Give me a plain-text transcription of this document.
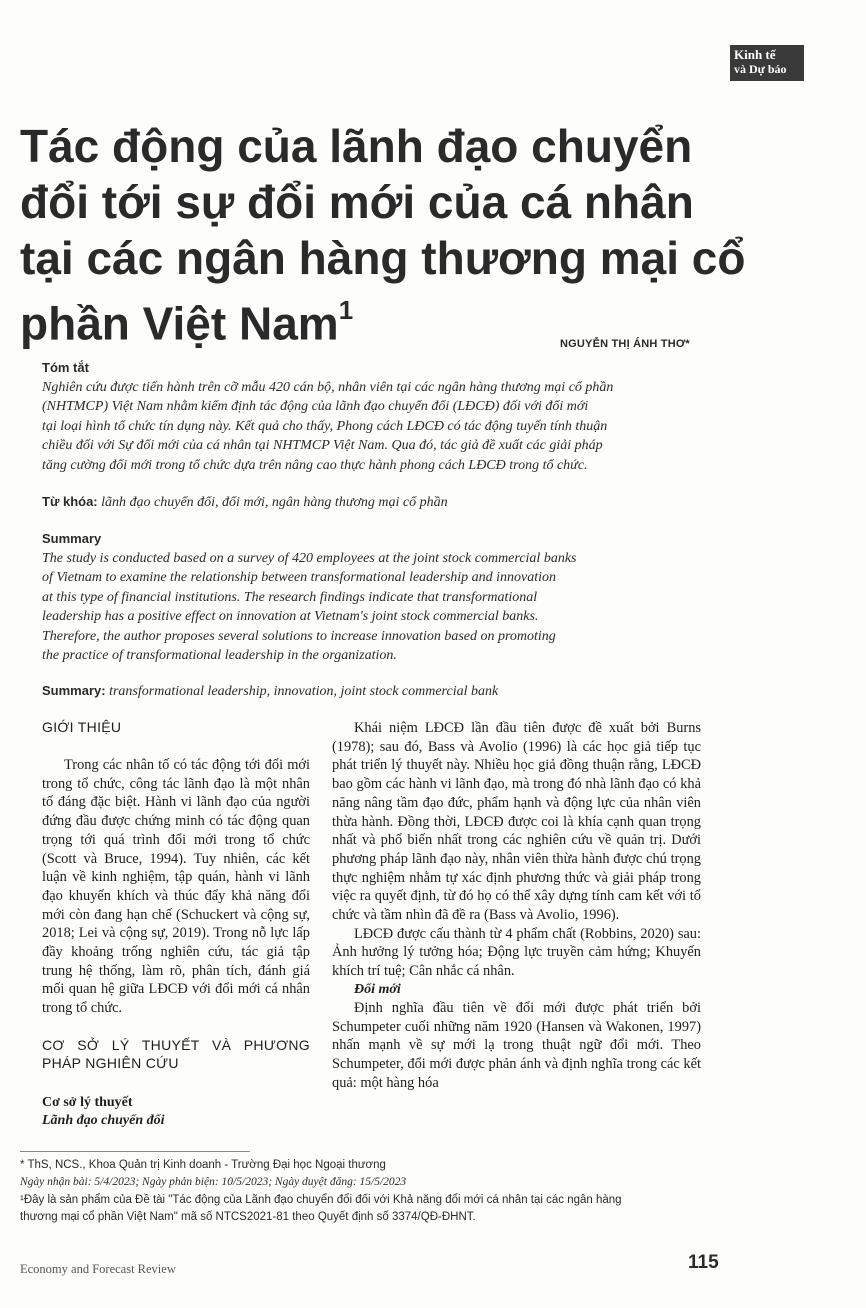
Kinh tế
và Dự báo
Tác động của lãnh đạo chuyển đổi tới sự đổi mới của cá nhân tại các ngân hàng thương mại cổ phần Việt Nam$^1$
NGUYỄN THỊ ÁNH THƠ*
Tóm tắt
Nghiên cứu được tiến hành trên cỡ mẫu 420 cán bộ, nhân viên tại các ngân hàng thương mại cổ phần
(NHTMCP) Việt Nam nhằm kiểm định tác động của lãnh đạo chuyển đổi (LĐCĐ) đối với đổi mới
tại loại hình tổ chức tín dụng này. Kết quả cho thấy, Phong cách LĐCĐ có tác động tuyến tính thuận
chiều đối với Sự đổi mới của cá nhân tại NHTMCP Việt Nam. Qua đó, tác giả đề xuất các giải pháp
tăng cường đổi mới trong tổ chức dựa trên nâng cao thực hành phong cách LĐCĐ trong tổ chức.
Từ khóa: lãnh đạo chuyển đổi, đổi mới, ngân hàng thương mại cổ phần
Summary
The study is conducted based on a survey of 420 employees at the joint stock commercial banks
of Vietnam to examine the relationship between transformational leadership and innovation
at this type of financial institutions. The research findings indicate that transformational
leadership has a positive effect on innovation at Vietnam's joint stock commercial banks.
Therefore, the author proposes several solutions to increase innovation based on promoting
the practice of transformational leadership in the organization.
Summary: transformational leadership, innovation, joint stock commercial bank
GIỚI THIỆU

Trong các nhân tố có tác động tới đổi mới trong tổ chức, công tác lãnh đạo là một nhân tố đáng đặc biệt. Hành vi lãnh đạo của người đứng đầu được chứng minh có tác động quan trọng tới quá trình đổi mới trong tổ chức (Scott và Bruce, 1994). Tuy nhiên, các kết luận về kinh nghiệm, tập quán, hành vi lãnh đạo khuyến khích và thúc đẩy khả năng đổi mới còn đang hạn chế (Schuckert và cộng sự, 2018; Lei và cộng sự, 2019). Trong nỗ lực lấp đầy khoảng trống nghiên cứu, tác giả tập trung hệ thống, làm rõ, phân tích, đánh giá mối quan hệ giữa LĐCĐ với đổi mới cá nhân trong tổ chức.

CƠ SỞ LÝ THUYẾT VÀ PHƯƠNG PHÁP NGHIÊN CỨU
Cơ sở lý thuyết
Lãnh đạo chuyển đổi

Khái niệm LĐCĐ lần đầu tiên được đề xuất bởi Burns (1978); sau đó, Bass và Avolio (1996) là các học giả tiếp tục phát triển lý thuyết này. Nhiều học giả đồng thuận rằng, LĐCĐ bao gồm các hành vi lãnh đạo, mà trong đó nhà lãnh đạo có khả năng nâng tầm đạo đức, phẩm hạnh và động lực của nhân viên thừa hành. Đồng thời, LĐCĐ được coi là khía cạnh quan trọng nhất và phổ biến nhất trong các nghiên cứu về quản trị. Dưới phương pháp lãnh đạo này, nhân viên thừa hành được chú trọng thực nghiệm nhằm tự xác định phương thức và giải pháp trong việc ra quyết định, từ đó họ có thể xây dựng tính cam kết với tổ chức và tầm nhìn đã đề ra (Bass và Avolio, 1996).

LĐCĐ được cấu thành từ 4 phẩm chất (Robbins, 2020) sau: Ảnh hưởng lý tưởng hóa; Động lực truyền cảm hứng; Khuyến khích trí tuệ; Cân nhắc cá nhân.

Đổi mới

Định nghĩa đầu tiên về đổi mới được phát triển bởi Schumpeter cuối những năm 1920 (Hansen và Wakonen, 1997) nhấn mạnh về sự mới lạ trong thuật ngữ đổi mới. Theo Schumpeter, đổi mới được phản ánh và định nghĩa trong các kết quả: một hàng hóa

* ThS, NCS., Khoa Quản trị Kinh doanh - Trường Đại học Ngoại thương
Ngày nhận bài: 5/4/2023; Ngày phản biện: 10/5/2023; Ngày duyệt đăng: 15/5/2023
¹Đây là sản phẩm của Đề tài "Tác động của Lãnh đạo chuyển đổi đối với Khả năng đổi mới cá nhân tại các ngân hàng
thương mại cổ phần Việt Nam" mã số NTCS2021-81 theo Quyết định số 3374/QĐ-ĐHNT.
Economy and Forecast Review	115
